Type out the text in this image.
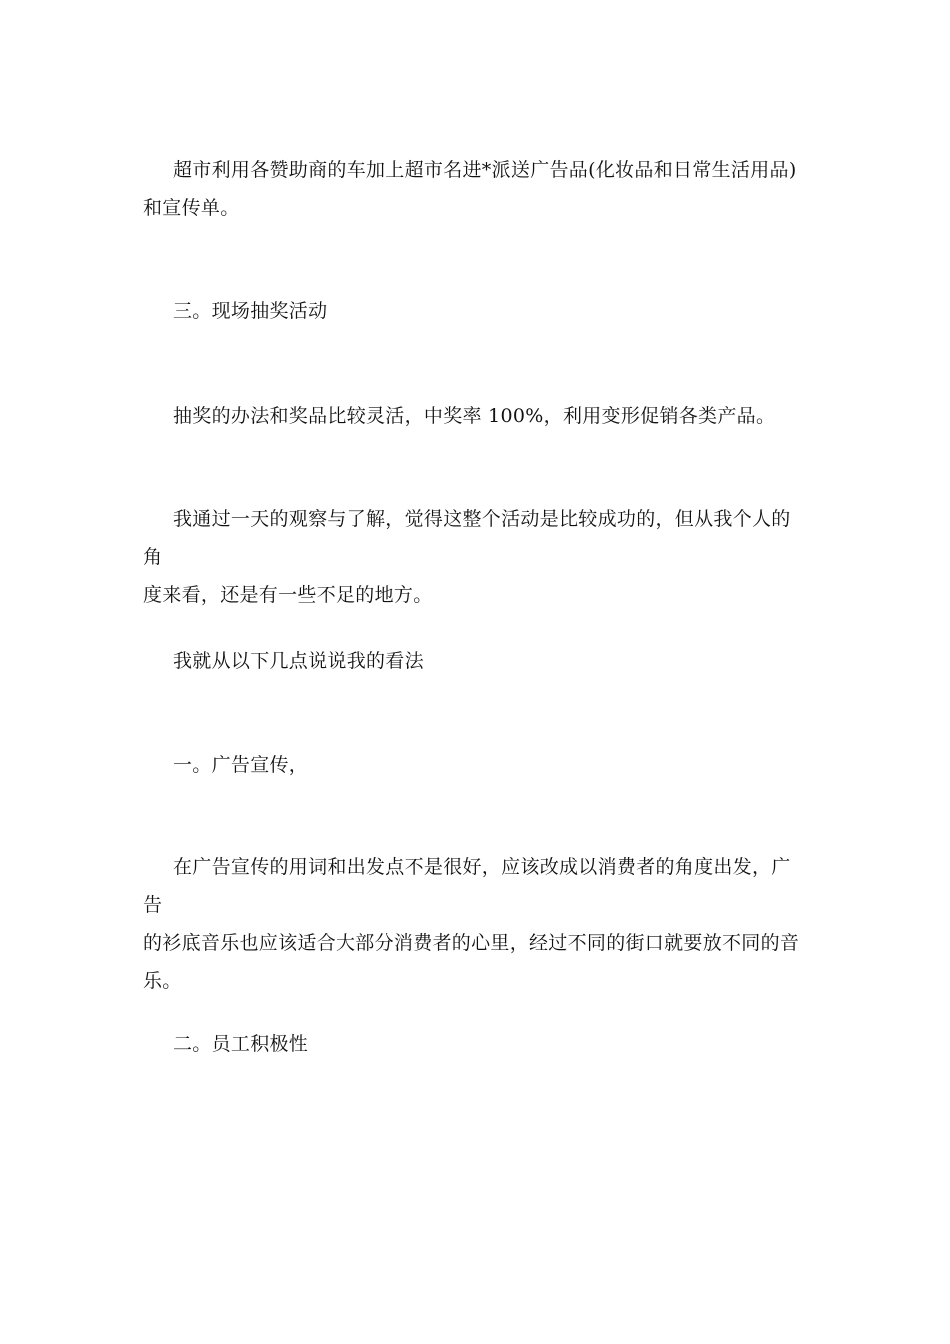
超市利用各赞助商的车加上超市名进*派送广告品(化妆品和日常生活用品)
和宣传单。

三。现场抽奖活动

抽奖的办法和奖品比较灵活，中奖率 100%，利用变形促销各类产品。

我通过一天的观察与了解，觉得这整个活动是比较成功的，但从我个人的角
度来看，还是有一些不足的地方。

我就从以下几点说说我的看法

一。广告宣传，

在广告宣传的用词和出发点不是很好，应该改成以消费者的角度出发，广告
的衫底音乐也应该适合大部分消费者的心里，经过不同的街口就要放不同的音
乐。

二。员工积极性
